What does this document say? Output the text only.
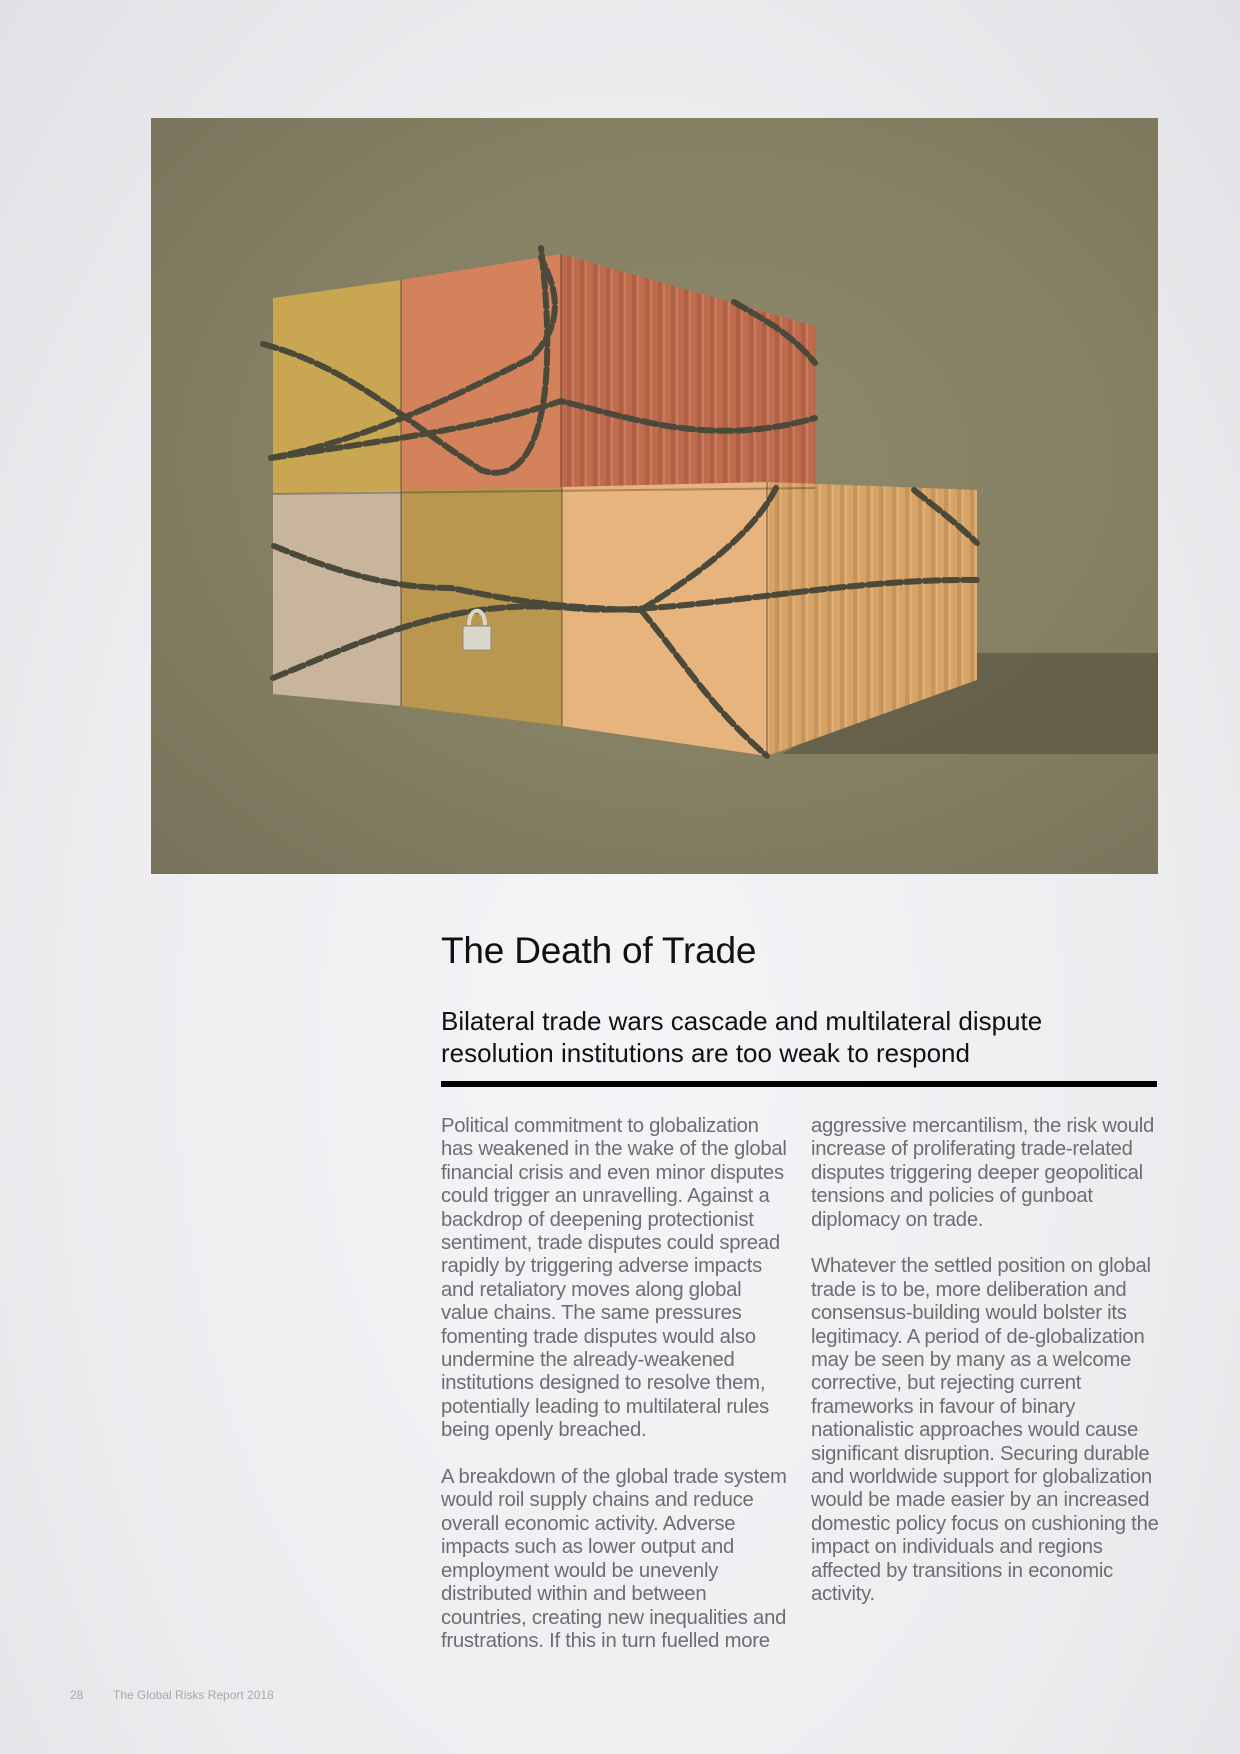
The Death of Trade
Bilateral trade wars cascade and multilateral dispute resolution institutions are too weak to respond

Political commitment to globalization has weakened in the wake of the global financial crisis and even minor disputes could trigger an unravelling. Against a backdrop of deepening protectionist sentiment, trade disputes could spread rapidly by triggering adverse impacts and retaliatory moves along global value chains. The same pressures fomenting trade disputes would also undermine the already-weakened institutions designed to resolve them, potentially leading to multilateral rules being openly breached.

A breakdown of the global trade system would roil supply chains and reduce overall economic activity. Adverse impacts such as lower output and employment would be unevenly distributed within and between countries, creating new inequalities and frustrations. If this in turn fuelled more

aggressive mercantilism, the risk would increase of proliferating trade-related disputes triggering deeper geopolitical tensions and policies of gunboat diplomacy on trade.

Whatever the settled position on global trade is to be, more deliberation and consensus-building would bolster its legitimacy. A period of de-globalization may be seen by many as a welcome corrective, but rejecting current frameworks in favour of binary nationalistic approaches would cause significant disruption. Securing durable and worldwide support for globalization would be made easier by an increased domestic policy focus on cushioning the impact on individuals and regions affected by transitions in economic activity.

28 The Global Risks Report 2018
